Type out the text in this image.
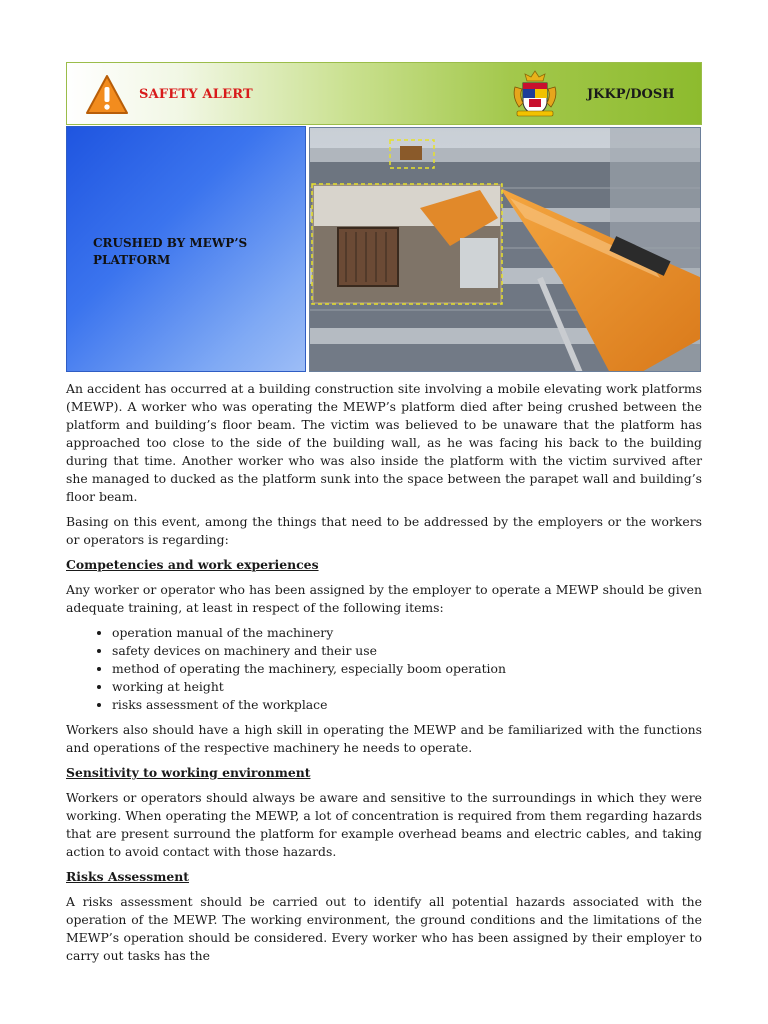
SAFETY ALERT	JKKP/DOSH
CRUSHED BY MEWP’S PLATFORM

An accident has occurred at a building construction site involving a mobile elevating work platforms (MEWP). A worker who was operating the MEWP’s platform died after being crushed between the platform and building’s floor beam. The victim was believed to be unaware that the platform has approached too close to the side of the building wall, as he was facing his back to the building during that time. Another worker who was also inside the platform with the victim survived after she managed to ducked as the platform sunk into the space between the parapet wall and building’s floor beam.

Basing on this event, among the things that need to be addressed by the employers or the workers or operators is regarding:

Competencies and work experiences

Any worker or operator who has been assigned by the employer to operate a MEWP should be given adequate training, at least in respect of the following items:

• operation manual of the machinery
• safety devices on machinery and their use
• method of operating the machinery, especially boom operation
• working at height
• risks assessment of the workplace

Workers also should have a high skill in operating the MEWP and be familiarized with the functions and operations of the respective machinery he needs to operate.

Sensitivity to working environment

Workers or operators should always be aware and sensitive to the surroundings in which they were working. When operating the MEWP, a lot of concentration is required from them regarding hazards that are present surround the platform for example overhead beams and electric cables, and taking action to avoid contact with those hazards.

Risks Assessment

A risks assessment should be carried out to identify all potential hazards associated with the operation of the MEWP. The working environment, the ground conditions and the limitations of the MEWP’s operation should be considered. Every worker who has been assigned by their employer to carry out tasks has the
